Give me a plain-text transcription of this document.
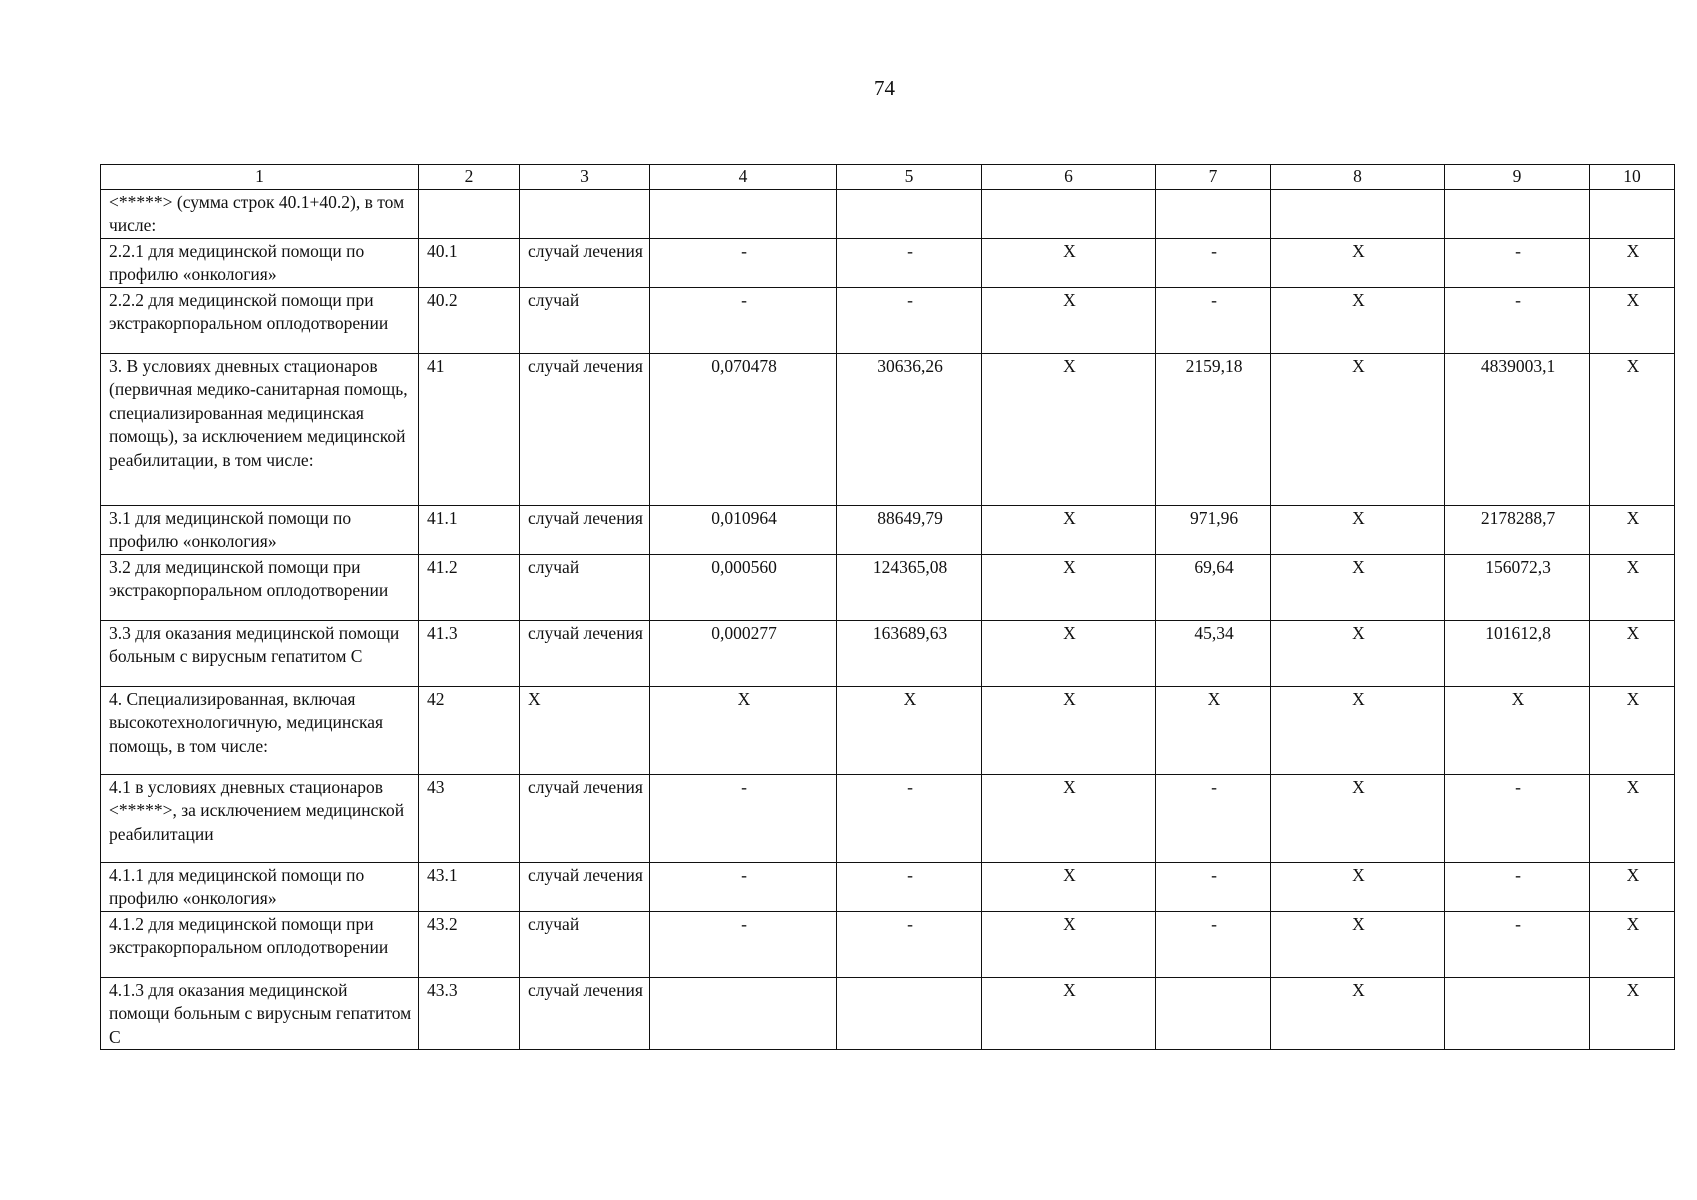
74
1	2	3	4	5	6	7	8	9	10
<*****> (сумма строк 40.1+40.2), в том числе:									
2.2.1 для медицинской помощи по профилю «онкология»	40.1	случай лечения	-	-	Х	-	Х	-	Х
2.2.2 для медицинской помощи при экстракорпоральном оплодотворении	40.2	случай	-	-	Х	-	Х	-	Х
3. В условиях дневных стационаров (первичная медико-санитарная помощь, специализированная медицинская помощь), за исключением медицинской реабилитации, в том числе:	41	случай лечения	0,070478	30636,26	Х	2159,18	Х	4839003,1	Х
3.1 для медицинской помощи по профилю «онкология»	41.1	случай лечения	0,010964	88649,79	Х	971,96	Х	2178288,7	Х
3.2 для медицинской помощи при экстракорпоральном оплодотворении	41.2	случай	0,000560	124365,08	Х	69,64	Х	156072,3	Х
3.3 для оказания медицинской помощи больным с вирусным гепатитом С	41.3	случай лечения	0,000277	163689,63	Х	45,34	Х	101612,8	Х
4. Специализированная, включая высокотехнологичную, медицинская помощь, в том числе:	42	Х	Х	Х	Х	Х	Х	Х	Х
4.1 в условиях дневных стационаров <*****>, за исключением медицинской реабилитации	43	случай лечения	-	-	Х	-	Х	-	Х
4.1.1 для медицинской помощи по профилю «онкология»	43.1	случай лечения	-	-	Х	-	Х	-	Х
4.1.2 для медицинской помощи при экстракорпоральном оплодотворении	43.2	случай	-	-	Х	-	Х	-	Х
4.1.3 для оказания медицинской помощи больным с вирусным гепатитом С	43.3	случай лечения			Х		Х		Х
